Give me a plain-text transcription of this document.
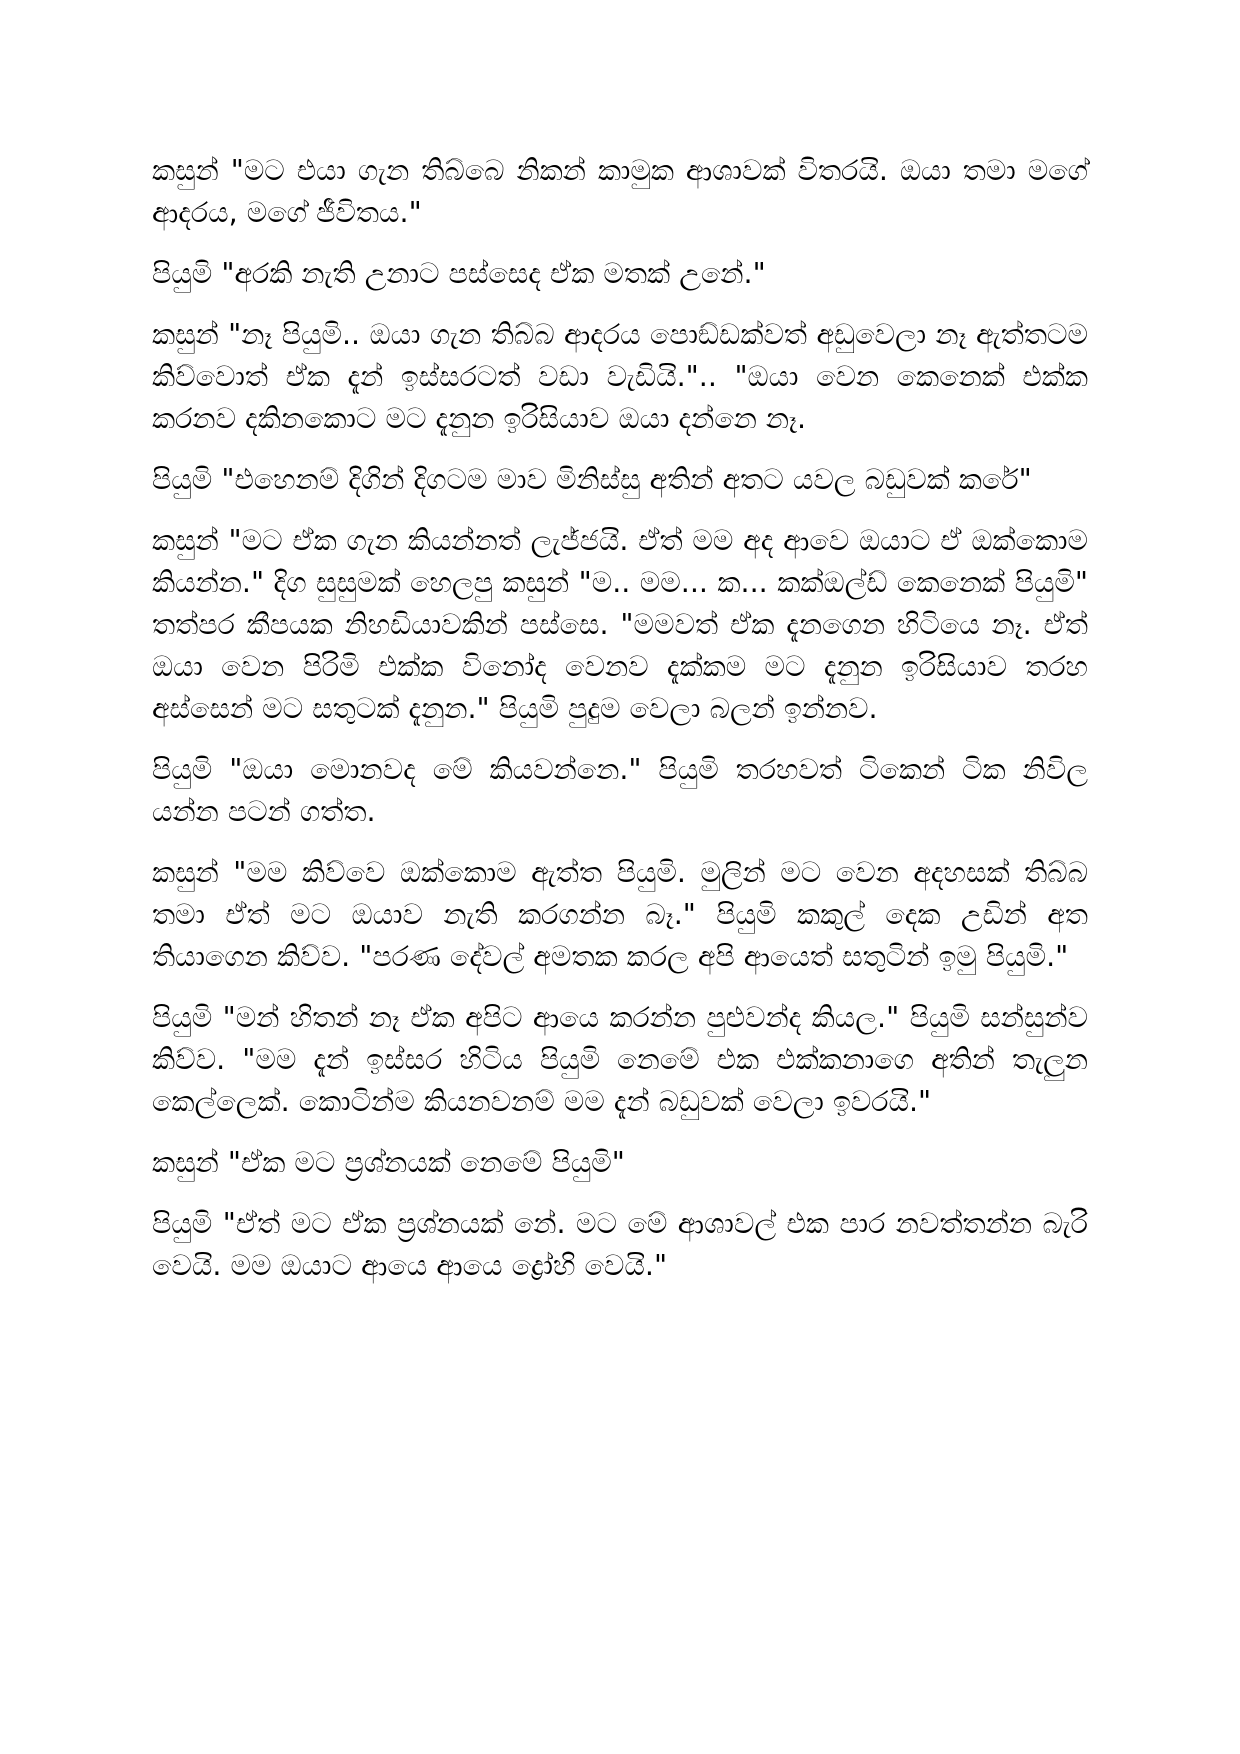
කසුන් "මට එයා ගැන තිබ්බෙ නිකන් කාමුක ආශාවක් විතරයි. ඔයා තමා මගේ ආදරය, මගේ ජීවිතය."

පියුමි "අරකි නැති උනාට පස්සෙද ඒක මතක් උනේ."

කසුන් "නෑ පියුමි.. ඔයා ගැන තිබ්බ ආදරය පොඞ්ඩක්වත් අඩුවෙලා නෑ ඇත්තටම කිව්වොත් ඒක දැන් ඉස්සරටත් වඩා වැඩියි.".. "ඔයා වෙන කෙනෙක් එක්ක කරනව දකිනකොට මට දැනුන ඉරිසියාව ඔයා දන්නෙ නෑ.

පියුමි "එහෙනම් දිගින් දිගටම මාව මිනිස්සු අතින් අතට යවල බඩුවක් කරේ"

කසුන් "මට ඒක ගැන කියන්නත් ලැජ්ජයි. ඒත් මම අද ආවෙ ඔයාට ඒ ඔක්කොම කියන්න." දිග සුසුමක් හෙලපු කසුන් "ම.. මම... ක... කක්ඔල්ඩ් කෙනෙක් පියුමි" තත්පර කීපයක නිහඩියාවකින් පස්සෙ. "මමවත් ඒක දැනගෙන හිටියෙ නෑ. ඒත් ඔයා වෙන පිරිමි එක්ක විනෝද වෙනව දැක්කම මට දැනුන ඉරිසියාව තරහ අස්සෙන් මට සතුටක් දැනුන." පියුමි පුදුම වෙලා බලන් ඉන්නව.

පියුමි "ඔයා මොනවද මේ කියවන්නෙ." පියුමි තරහවත් ටිකෙන් ටික නිවිල යන්න පටන් ගත්ත.

කසුන් "මම කිව්වෙ ඔක්කොම ඇත්ත පියුමි. මුලින් මට වෙන අදහසක් තිබ්බ තමා ඒත් මට ඔයාව නැති කරගන්න බෑ." පියුමි කකුල් දෙක උඩින් අත තියාගෙන කිව්ව. "පරණ දේවල් අමතක කරල අපි ආයෙත් සතුටින් ඉමු පියුමි."

පියුමි "මන් හිතන් නෑ ඒක අපිට ආයෙ කරන්න පුළුවන්ද කියල." පියුමි සන්සුන්ව කිව්ව. "මම දැන් ඉස්සර හිටිය පියුමි නෙමේ එක එක්කනාගෙ අතින් තැලුන කෙල්ලෙක්. කොටින්ම කියනවනම් මම දැන් බඩුවක් වෙලා ඉවරයි."

කසුන් "ඒක මට ප්‍රශ්නයක් නෙමේ පියුමි"

පියුමි "ඒත් මට ඒක ප්‍රශ්නයක් නේ. මට මේ ආශාවල් එක පාර නවත්තන්න බැරි වෙයි. මම ඔයාට ආයෙ ආයෙ ද්‍රෝහි වෙයි."
